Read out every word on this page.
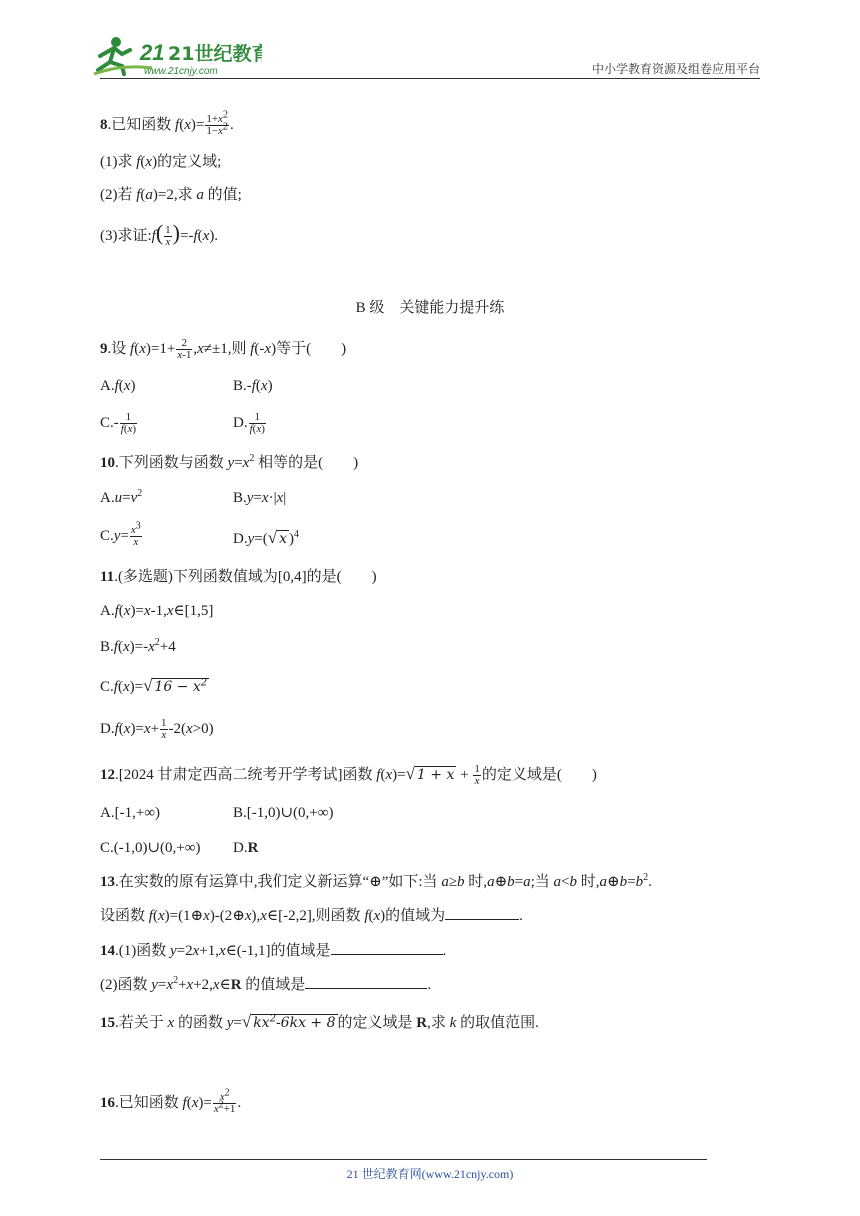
21 21世纪教育
www.21cnjy.com	中小学教育资源及组卷应用平台
8.已知函数 $f(x)= \frac{1+x^2}{1-x^2}$ .
(1)求 f(x)的定义域;
(2)若 f(a)=2,求 a 的值;
(3)求证:f( $\frac{1}{x} )=-f(x)$.
B 级　关键能力提升练
9.设 $f(x)=1+ \frac{2}{x-1} ,x\ne\pm 1$,则 f(-x)等于(　　)
A.f(x)	B.-f(x)
$C.- \frac{1}{f(x)}$	D. $\frac{1}{f(x)}$
10.下列函数与函数 $y=x^2$ 相等的是(　　)
$A.u=v^2$	B.y=x·|x|
$C.y= \frac{x^3}{x}$	D.y=(√ x )$^4$
11.(多选题)下列函数值域为[0,4]的是(　　)
A.f(x)=x-1,x∈[1,5]
$B.f(x)=-x^2+4$
C.f(x)=√ $16 - x^2$
$D.f(x)=x+ \frac{1}{x} -2(x>0)$
12.[2024 甘肃定西高二统考开学考试]函数 f(x)=√ $1 + x + \frac{1}{x}$ 的定义域是(　　)
A.[-1,+∞)	B.[-1,0)∪(0,+∞)
C.(-1,0)∪(0,+∞) D.R
13.在实数的原有运算中,我们定义新运算“⊕”如下:当 a≥b 时,a⊕b=a;当 a<b 时$,a\oplus b=b^2$.
设函数 f(x)=(1⊕x)-(2⊕x),x∈[-2,2],则函数 f(x)的值域为	.
14.(1)函数 y=2x+1,x∈(-1,1]的值域是	.
(2)函数 $y=x^2+x+2,x\in R$ 的值域是	.
15.若关于 x 的函数 y=√ $kx^2-6kx + 8$ 的定义域是 R,求 k 的取值范围.
16.已知函数 $f(x)= \frac{x^2}{x^2+1}$ .
21 世纪教育网(www.21cnjy.com)
